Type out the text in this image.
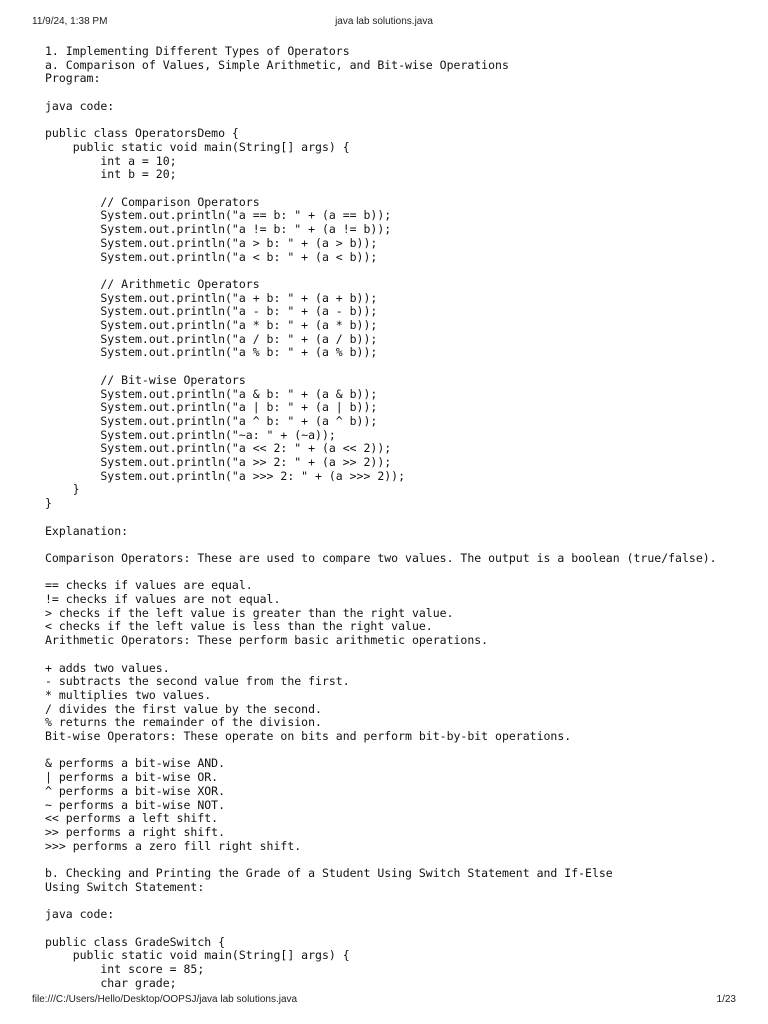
11/9/24, 1:38 PM	java lab solutions.java
1. Implementing Different Types of Operators
a. Comparison of Values, Simple Arithmetic, and Bit-wise Operations
Program:
java code:
public class OperatorsDemo {
public static void main(String[] args) {
int a = 10;
int b = 20;
// Comparison Operators
System.out.println("a == b: " + (a == b));
System.out.println("a != b: " + (a != b));
System.out.println("a > b: " + (a > b));
System.out.println("a < b: " + (a < b));
// Arithmetic Operators
System.out.println("a + b: " + (a + b));
System.out.println("a - b: " + (a - b));
System.out.println("a * b: " + (a * b));
System.out.println("a / b: " + (a / b));
System.out.println("a % b: " + (a % b));
// Bit-wise Operators
System.out.println("a & b: " + (a & b));
System.out.println("a | b: " + (a | b));
System.out.println("a ^ b: " + (a ^ b));
System.out.println("~a: " + (~a));
System.out.println("a << 2: " + (a << 2));
System.out.println("a >> 2: " + (a >> 2));
System.out.println("a >>> 2: " + (a >>> 2));
}
}
Explanation:
Comparison Operators: These are used to compare two values. The output is a boolean (true/false).
== checks if values are equal.
!= checks if values are not equal.
> checks if the left value is greater than the right value.
< checks if the left value is less than the right value.
Arithmetic Operators: These perform basic arithmetic operations.
+ adds two values.
- subtracts the second value from the first.
* multiplies two values.
/ divides the first value by the second.
% returns the remainder of the division.
Bit-wise Operators: These operate on bits and perform bit-by-bit operations.
& performs a bit-wise AND.
| performs a bit-wise OR.
^ performs a bit-wise XOR.
~ performs a bit-wise NOT.
<< performs a left shift.
>> performs a right shift.
>>> performs a zero fill right shift.
b. Checking and Printing the Grade of a Student Using Switch Statement and If-Else
Using Switch Statement:
java code:
public class GradeSwitch {
public static void main(String[] args) {
int score = 85;
char grade;
file:///C:/Users/Hello/Desktop/OOPSJ/java lab solutions.java	1/23
